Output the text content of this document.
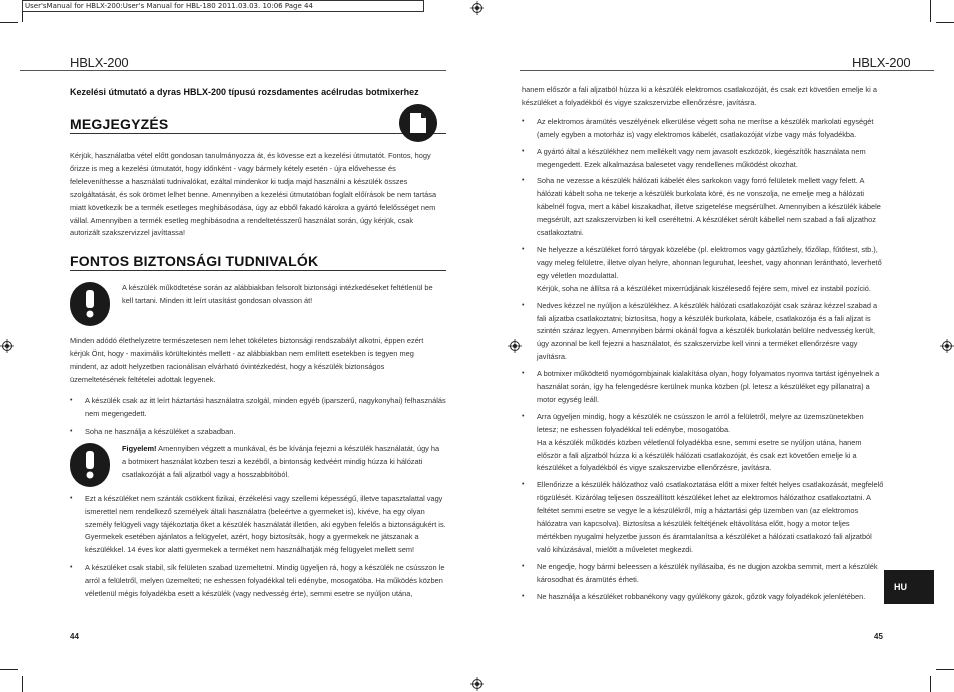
User'sManual for HBLX-200:User's Manual for HBL-180 2011.03.03. 10:06 Page 44
HBLX-200	HBLX-200

Kezelési útmutató a dyras HBLX-200 típusú rozsdamentes acélrudas botmixerhez

MEGJEGYZÉS

Kérjük, használatba vétel előtt gondosan tanulmányozza át, és kövesse ezt a kezelési útmutatót. Fontos, hogy őrizze is meg a kezelési útmutatót, hogy időnként - vagy bármely kétely esetén - újra elővehesse és feleleveníthesse a használati tudnivalókat, ezáltal mindenkor ki tudja majd használni a készülék összes szolgáltatását, és sok örömet lelhet benne. Amennyiben a kezelési útmutatóban foglalt előírások be nem tartása miatt következik be a termék esetleges meghibásodása, úgy az ebből fakadó károkra a gyártó felelősséget nem vállal. Amennyiben a termék esetleg meghibásodna a rendeltetésszerű használat során, úgy kérjük, csak autorizált szakszervizzel javíttassa!

FONTOS BIZTONSÁGI TUDNIVALÓK

A készülék működtetése során az alábbiakban felsorolt biztonsági intézkedéseket feltétlenül be kell tartani. Minden itt leírt utasítást gondosan olvasson át!

Minden adódó élethelyzetre természetesen nem lehet tökéletes biztonsági rendszabályt alkotni, éppen ezért kérjük Önt, hogy - maximális körültekintés mellett - az alábbiakban nem említett esetekben is tegyen meg mindent, az adott helyzetben racionálisan elvárható óvintézkedést, hogy a készülék biztonságos üzemeltetésének feltételei adottak legyenek.

• A készülék csak az itt leírt háztartási használatra szolgál, minden egyéb (iparszerű, nagykonyhai) felhasználás nem megengedett.
• Soha ne használja a készüléket a szabadban.

Figyelem! Amennyiben végzett a munkával, és be kívánja fejezni a készülék használatát, úgy ha a botmixert használat közben teszi a kezéből, a bintonság kedvéért mindig húzza ki hálózati csatlakozóját a fali aljzatból vagy a hosszabbítóból.

• Ezt a készüléket nem szánták csökkent fizikai, érzékelési vagy szellemi képességű, illetve tapasztalattal vagy ismerettel nem rendelkező személyek általi használatra (beleértve a gyermeket is), kivéve, ha egy olyan személy felügyeli vagy tájékoztatja őket a készülék használatát illetően, aki egyben felelős a biztonságukért is. Gyermekek esetében ajánlatos a felügyelet, azért, hogy biztosítsák, hogy a gyermekek ne játszanak a készülékkel. 14 éves kor alatti gyermekek a terméket nem használhatják még felügyelet mellett sem!
• A készüléket csak stabil, sík felületen szabad üzemeltetni. Mindig ügyeljen rá, hogy a készülék ne csússzon le arról a felületről, melyen üzemelteti; ne eshessen folyadékkal teli edénybe, mosogatóba. Ha működés közben véletlenül mégis folyadékba esett a készülék (vagy nedvesség érte), semmi esetre se nyúljon utána,
44

hanem először a fali aljzatból húzza ki a készülék elektromos csatlakozóját, és csak ezt követően emelje ki a készüléket a folyadékból és vigye szakszervizbe ellenőrzésre, javításra.

• Az elektromos áramütés veszélyének elkerülése végett soha ne merítse a készülék markolati egységét (amely egyben a motorház is) vagy elektromos kábelét, csatlakozóját vízbe vagy más folyadékba.
• A gyártó által a készülékhez nem mellékelt vagy nem javasolt eszközök, kiegészítők használata nem megengedett. Ezek alkalmazása balesetet vagy rendellenes működést okozhat.
• Soha ne vezesse a készülék hálózati kábelét éles sarkokon vagy forró felületek mellett vagy felett. A hálózati kábelt soha ne tekerje a készülék burkolata köré, és ne vonszolja, ne emelje meg a hálózati kábelnél fogva, mert a kábel kiszakadhat, illetve szigetelése megsérülhet. Amennyiben a készülék kábele megsérült, azt szakszervizben ki kell cseréltetni. A készüléket sérült kábellel nem szabad a fali aljzathoz csatlakoztatni.
• Ne helyezze a készüléket forró tárgyak közelébe (pl. elektromos vagy gáztűzhely, főzőlap, fűtőtest, stb.), vagy meleg felületre, illetve olyan helyre, ahonnan leguruhat, leeshet, vagy ahonnan lerántható, leverhető egy véletlen mozdulattal.
Kérjük, soha ne állítsa rá a készüléket mixerrúdjának kiszélesedő fejére sem, mivel ez instabil pozíció.
• Nedves kézzel ne nyúljon a készülékhez. A készülék hálózati csatlakozóját csak száraz kézzel szabad a fali aljzatba csatlakoztatni; biztosítsa, hogy a készülék burkolata, kábele, csatlakozója és a fali aljzat is szintén száraz legyen. Amennyiben bármi okánál fogva a készülék burkolatán belülre nedvesség került, úgy azonnal be kell fejezni a használatot, és szakszervizbe kell vinni a terméket ellenőrzésre vagy javításra.
• A botmixer működtető nyomógombjainak kialakítása olyan, hogy folyamatos nyomva tartást igényelnek a használat során, így ha felengedésre kerülnek munka közben (pl. letesz a készüléket egy pillanatra) a motor egység leáll.
• Arra ügyeljen mindig, hogy a készülék ne csússzon le arról a felületről, melyre az üzemszünetekben letesz; ne eshessen folyadékkal teli edénybe, mosogatóba.
Ha a készülék működés közben véletlenül folyadékba esne, semmi esetre se nyúljon utána, hanem először a fali aljzatból húzza ki a készülék hálózati csatlakozóját, és csak ezt követően emelje ki a készüléket a folyadékból és vigye szakszervizbe ellenőrzésre, javításra.
• Ellenőrizze a készülék hálózathoz való csatlakoztatása előtt a mixer feltét helyes csatlakozását, megfelelő rögzülését. Kizárólag teljesen összeállított készüléket lehet az elektromos hálózathoz csatlakoztatni. A feltétet semmi esetre se vegye le a készülékről, míg a háztartási gép üzemben van (az elektromos hálózatra van kapcsolva). Biztosítsa a készülék feltétjének eltávolítása előtt, hogy a motor teljes mértékben nyugalmi helyzetbe jusson és áramtalanítsa a készüléket a hálózati csatlakozó fali aljzatból való kihúzásával, mielőtt a műveletet megkezdi.
• Ne engedje, hogy bármi beleessen a készülék nyílásaiba, és ne dugjon azokba semmit, mert a készülék károsodhat és áramütés érheti.
• Ne használja a készüléket robbanékony vagy gyúlékony gázok, gőzök vagy folyadékok jelenlétében.
HU
45
